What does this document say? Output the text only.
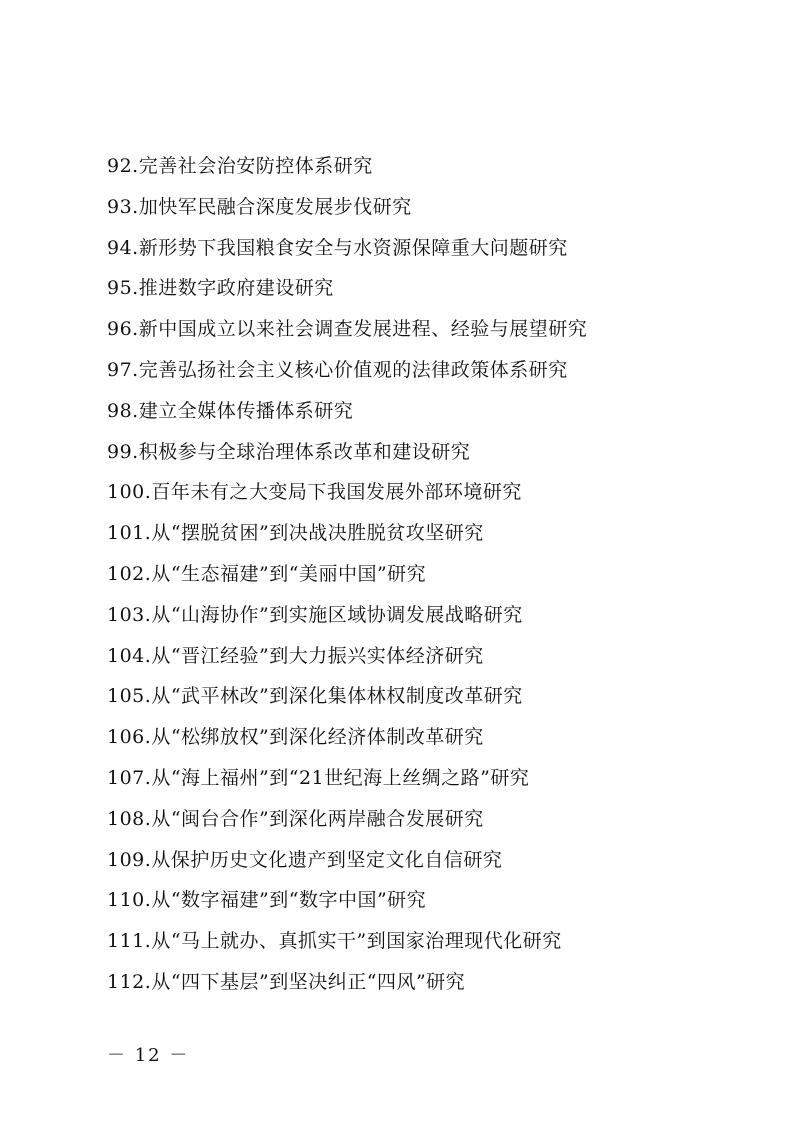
92.完善社会治安防控体系研究
93.加快军民融合深度发展步伐研究
94.新形势下我国粮食安全与水资源保障重大问题研究
95.推进数字政府建设研究
96.新中国成立以来社会调查发展进程、经验与展望研究
97.完善弘扬社会主义核心价值观的法律政策体系研究
98.建立全媒体传播体系研究
99.积极参与全球治理体系改革和建设研究
100.百年未有之大变局下我国发展外部环境研究
101.从“摆脱贫困”到决战决胜脱贫攻坚研究
102.从“生态福建”到“美丽中国”研究
103.从“山海协作”到实施区域协调发展战略研究
104.从“晋江经验”到大力振兴实体经济研究
105.从“武平林改”到深化集体林权制度改革研究
106.从“松绑放权”到深化经济体制改革研究
107.从“海上福州”到“21世纪海上丝绸之路”研究
108.从“闽台合作”到深化两岸融合发展研究
109.从保护历史文化遗产到坚定文化自信研究
110.从“数字福建”到“数字中国”研究
111.从“马上就办、真抓实干”到国家治理现代化研究
112.从“四下基层”到坚决纠正“四风”研究
－ 12 －
